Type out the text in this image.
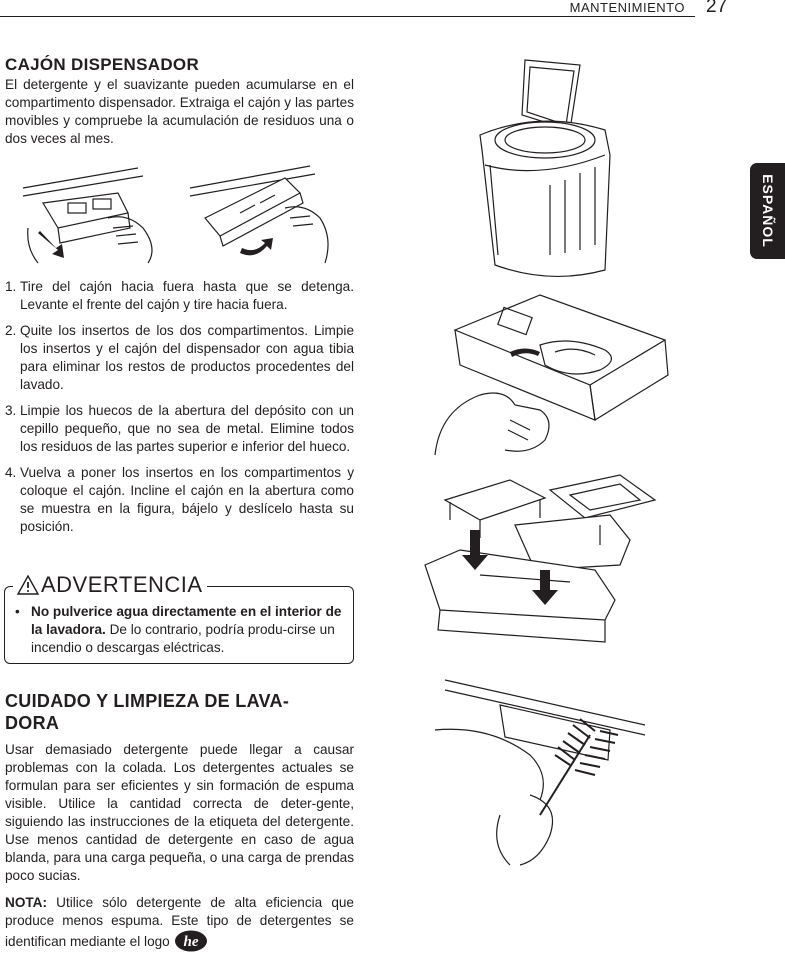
MANTENIMIENTO 27
ESPAÑOL
CAJÓN DISPENSADOR

El detergente y el suavizante pueden acumularse en el compartimento dispensador. Extraiga el cajón y las partes movibles y compruebe la acumulación de residuos una o dos veces al mes.

1. Tire del cajón hacia fuera hasta que se detenga. Levante el frente del cajón y tire hacia fuera.
2. Quite los insertos de los dos compartimentos. Limpie los insertos y el cajón del dispensador con agua tibia para eliminar los restos de productos procedentes del lavado.
3. Limpie los huecos de la abertura del depósito con un cepillo pequeño, que no sea de metal. Elimine todos los residuos de las partes superior e inferior del hueco.
4. Vuelva a poner los insertos en los compartimentos y coloque el cajón. Incline el cajón en la abertura como se muestra en la figura, bájelo y deslícelo hasta su posición.
ADVERTENCIA
• No pulverice agua directamente en el interior de la lavadora. De lo contrario, podría produ-cirse un incendio o descargas eléctricas.
CUIDADO Y LIMPIEZA DE LAVA-
DORA

Usar demasiado detergente puede llegar a causar problemas con la colada. Los detergentes actuales se formulan para ser eficientes y sin formación de espuma visible. Utilice la cantidad correcta de deter-gente, siguiendo las instrucciones de la etiqueta del detergente. Use menos cantidad de detergente en caso de agua blanda, para una carga pequeña, o una carga de prendas poco sucias.

NOTA: Utilice sólo detergente de alta eficiencia que produce menos espuma. Este tipo de detergentes se identifican mediante el logo he
